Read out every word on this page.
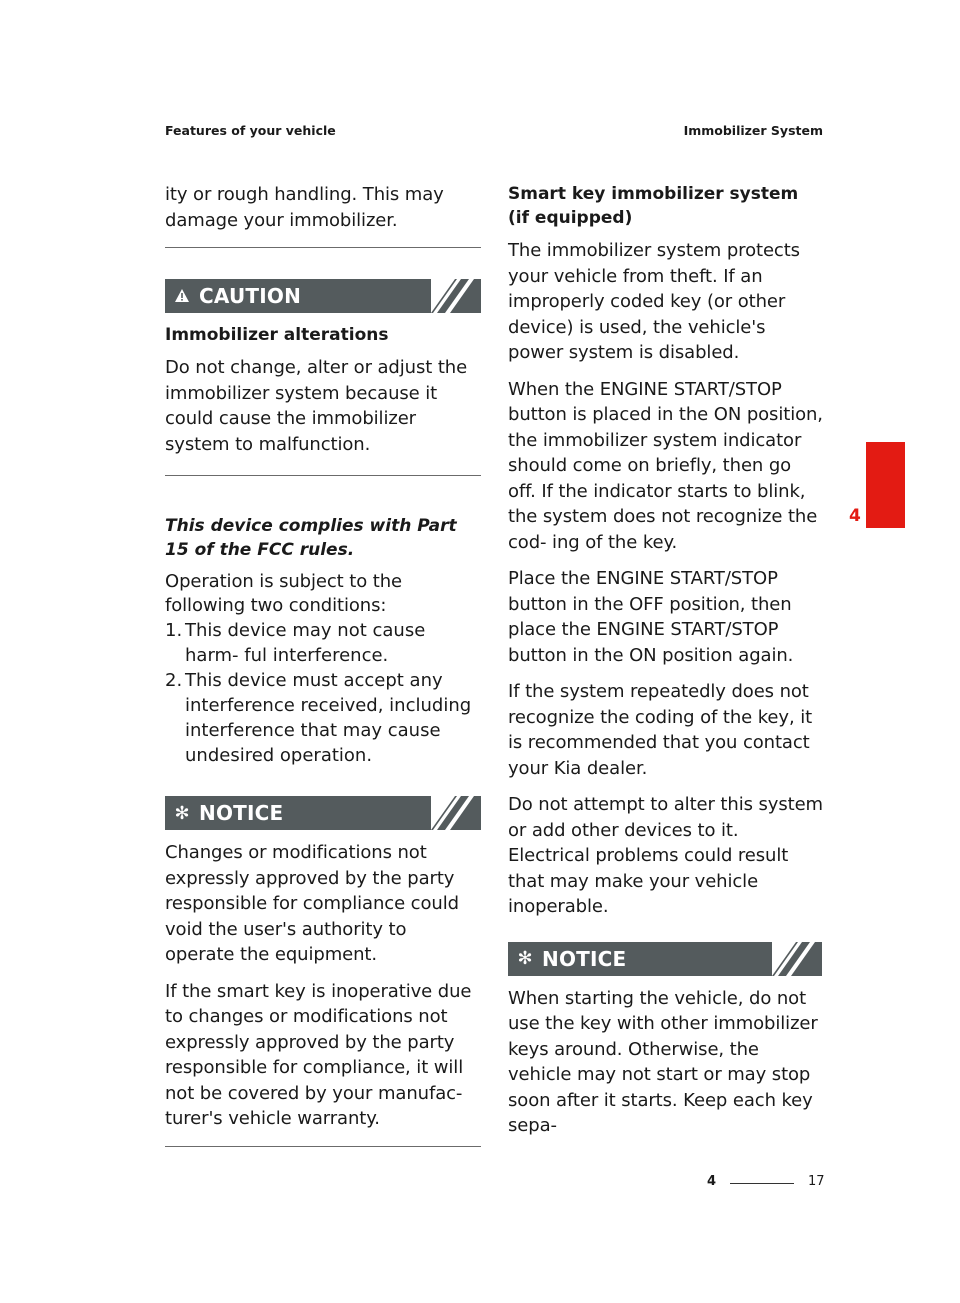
Features of your vehicle	Immobilizer System

ity or rough handling. This may damage your immobilizer.

CAUTION
Immobilizer alterations

Do not change, alter or adjust the immobilizer system because it could cause the immobilizer system to malfunction.

This device complies with Part 15 of the FCC rules.

Operation is subject to the following two conditions:

1. This device may not cause harm- ful interference.
2. This device must accept any interference received, including interference that may cause undesired operation.
✻ NOTICE

Changes or modifications not expressly approved by the party responsible for compliance could void the user's authority to operate the equipment.

If the smart key is inoperative due to changes or modifications not expressly approved by the party responsible for compliance, it will not be covered by your manufac- turer's vehicle warranty.

Smart key immobilizer system (if equipped)

The immobilizer system protects your vehicle from theft. If an improperly coded key (or other device) is used, the vehicle's power system is disabled.

When the ENGINE START/STOP button is placed in the ON position, the immobilizer system indicator should come on briefly, then go off. If the indicator starts to blink, the system does not recognize the cod- ing of the key.

Place the ENGINE START/STOP button in the OFF position, then place the ENGINE START/STOP button in the ON position again.

If the system repeatedly does not recognize the coding of the key, it is recommended that you contact your Kia dealer.

Do not attempt to alter this system or add other devices to it. Electrical problems could result that may make your vehicle inoperable.

✻ NOTICE

When starting the vehicle, do not use the key with other immobilizer keys around. Otherwise, the vehicle may not start or may stop soon after it starts. Keep each key sepa-

4
4	17
